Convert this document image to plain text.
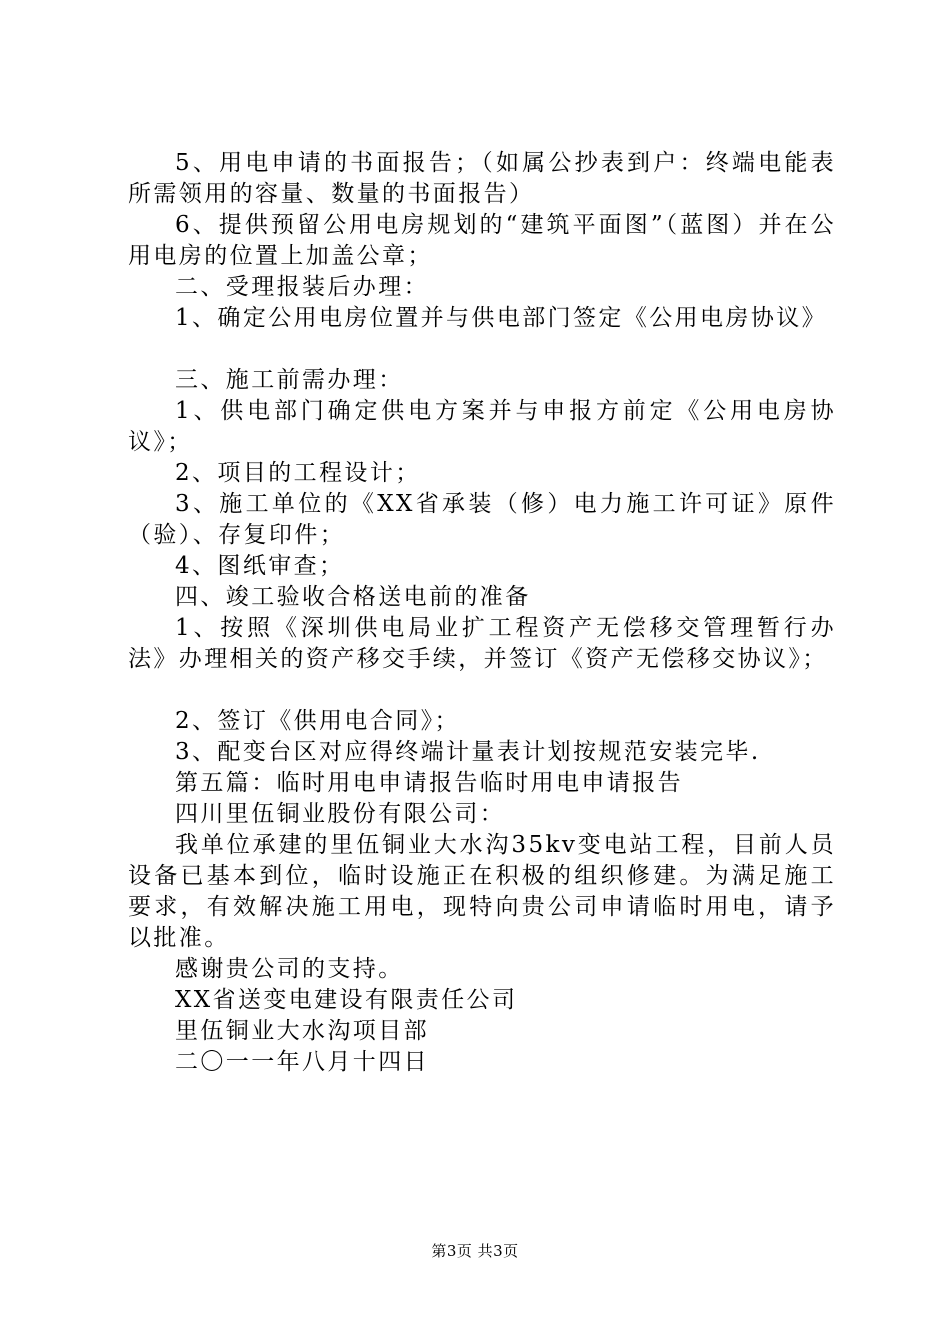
5、用电申请的书面报告；（如属公抄表到户：终端电能表所需领用的容量、数量的书面报告）

6、提供预留公用电房规划的“建筑平面图”（蓝图）并在公用电房的位置上加盖公章；

二、受理报装后办理：

1、确定公用电房位置并与供电部门签定《公用电房协议》

三、施工前需办理：

1、供电部门确定供电方案并与申报方前定《公用电房协议》；

2、项目的工程设计；

3、施工单位的《XX省承装（修）电力施工许可证》原件（验）、存复印件；

4、图纸审查；

四、竣工验收合格送电前的准备

1、按照《深圳供电局业扩工程资产无偿移交管理暂行办法》办理相关的资产移交手续，并签订《资产无偿移交协议》；

2、签订《供用电合同》；

3、配变台区对应得终端计量表计划按规范安装完毕.

第五篇：临时用电申请报告临时用电申请报告

四川里伍铜业股份有限公司：

我单位承建的里伍铜业大水沟35kv变电站工程，目前人员设备已基本到位，临时设施正在积极的组织修建。为满足施工要求，有效解决施工用电，现特向贵公司申请临时用电，请予以批准。

感谢贵公司的支持。

XX省送变电建设有限责任公司

里伍铜业大水沟项目部

二〇一一年八月十四日

第3页 共3页
